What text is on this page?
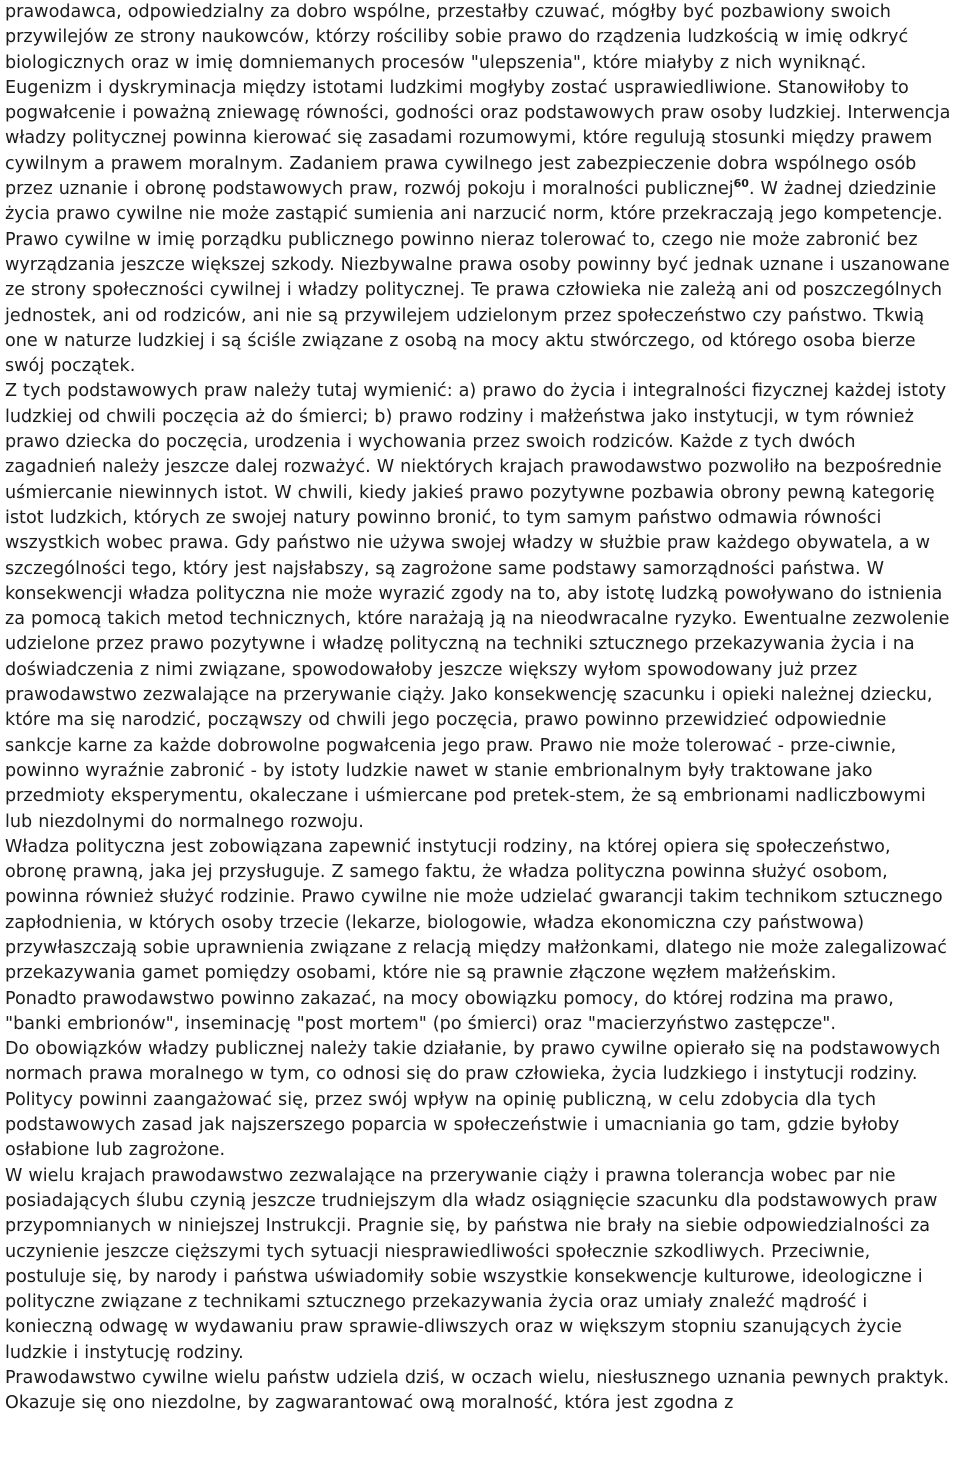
prawodawca, odpowiedzialny za dobro wspólne, przestałby czuwać, mógłby być pozbawiony swoich przywilejów ze strony naukowców, którzy rościliby sobie prawo do rządzenia ludzkością w imię odkryć biologicznych oraz w imię domniemanych procesów "ulepszenia", które miałyby z nich wyniknąć. Eugenizm i dyskryminacja między istotami ludzkimi mogłyby zostać usprawiedliwione. Stanowiłoby to pogwałcenie i poważną zniewagę równości, godności oraz podstawowych praw osoby ludzkiej. Interwencja władzy politycznej powinna kierować się zasadami rozumowymi, które regulują stosunki między prawem cywilnym a prawem moralnym. Zadaniem prawa cywilnego jest zabezpieczenie dobra wspólnego osób przez uznanie i obronę podstawowych praw, rozwój pokoju i moralności publicznej$^{60}$. W żadnej dziedzinie życia prawo cywilne nie może zastąpić sumienia ani narzucić norm, które przekraczają jego kompetencje. Prawo cywilne w imię porządku publicznego powinno nieraz tolerować to, czego nie może zabronić bez wyrządzania jeszcze większej szkody. Niezbywalne prawa osoby powinny być jednak uznane i uszanowane ze strony społeczności cywilnej i władzy politycznej. Te prawa człowieka nie zależą ani od poszczególnych jednostek, ani od rodziców, ani nie są przywilejem udzielonym przez społeczeństwo czy państwo. Tkwią one w naturze ludzkiej i są ściśle związane z osobą na mocy aktu stwórczego, od którego osoba bierze swój początek.

Z tych podstawowych praw należy tutaj wymienić: a) prawo do życia i integralności fizycznej każdej istoty ludzkiej od chwili poczęcia aż do śmierci; b) prawo rodziny i małżeństwa jako instytucji, w tym również prawo dziecka do poczęcia, urodzenia i wychowania przez swoich rodziców. Każde z tych dwóch zagadnień należy jeszcze dalej rozważyć. W niektórych krajach prawodawstwo pozwoliło na bezpośrednie uśmiercanie niewinnych istot. W chwili, kiedy jakieś prawo pozytywne pozbawia obrony pewną kategorię istot ludzkich, których ze swojej natury powinno bronić, to tym samym państwo odmawia równości wszystkich wobec prawa. Gdy państwo nie używa swojej władzy w służbie praw każdego obywatela, a w szczególności tego, który jest najsłabszy, są zagrożone same podstawy samorządności państwa. W konsekwencji władza polityczna nie może wyrazić zgody na to, aby istotę ludzką powoływano do istnienia za pomocą takich metod technicznych, które narażają ją na nieodwracalne ryzyko. Ewentualne zezwolenie udzielone przez prawo pozytywne i władzę polityczną na techniki sztucznego przekazywania życia i na doświadczenia z nimi związane, spowodowałoby jeszcze większy wyłom spowodowany już przez prawodawstwo zezwalające na przerywanie ciąży. Jako konsekwencję szacunku i opieki należnej dziecku, które ma się narodzić, począwszy od chwili jego poczęcia, prawo powinno przewidzieć odpowiednie sankcje karne za każde dobrowolne pogwałcenia jego praw. Prawo nie może tolerować - prze-ciwnie, powinno wyraźnie zabronić - by istoty ludzkie nawet w stanie embrionalnym były traktowane jako przedmioty eksperymentu, okaleczane i uśmiercane pod pretek-stem, że są embrionami nadliczbowymi lub niezdolnymi do normalnego rozwoju.

Władza polityczna jest zobowiązana zapewnić instytucji rodziny, na której opiera się społeczeństwo, obronę prawną, jaka jej przysługuje. Z samego faktu, że władza polityczna powinna służyć osobom, powinna również służyć rodzinie. Prawo cywilne nie może udzielać gwarancji takim technikom sztucznego zapłodnienia, w których osoby trzecie (lekarze, biologowie, władza ekonomiczna czy państwowa) przywłaszczają sobie uprawnienia związane z relacją między małżonkami, dlatego nie może zalegalizować przekazywania gamet pomiędzy osobami, które nie są prawnie złączone węzłem małżeńskim.

Ponadto prawodawstwo powinno zakazać, na mocy obowiązku pomocy, do której rodzina ma prawo, "banki embrionów", inseminację "post mortem" (po śmierci) oraz "macierzyństwo zastępcze".

Do obowiązków władzy publicznej należy takie działanie, by prawo cywilne opierało się na podstawowych normach prawa moralnego w tym, co odnosi się do praw człowieka, życia ludzkiego i instytucji rodziny. Politycy powinni zaangażować się, przez swój wpływ na opinię publiczną, w celu zdobycia dla tych podstawowych zasad jak najszerszego poparcia w społeczeństwie i umacniania go tam, gdzie byłoby osłabione lub zagrożone.

W wielu krajach prawodawstwo zezwalające na przerywanie ciąży i prawna tolerancja wobec par nie posiadających ślubu czynią jeszcze trudniejszym dla władz osiągnięcie szacunku dla podstawowych praw przypomnianych w niniejszej Instrukcji. Pragnie się, by państwa nie brały na siebie odpowiedzialności za uczynienie jeszcze cięższymi tych sytuacji niesprawiedliwości społecznie szkodliwych. Przeciwnie, postuluje się, by narody i państwa uświadomiły sobie wszystkie konsekwencje kulturowe, ideologiczne i polityczne związane z technikami sztucznego przekazywania życia oraz umiały znaleźć mądrość i konieczną odwagę w wydawaniu praw sprawie-dliwszych oraz w większym stopniu szanujących życie ludzkie i instytucję rodziny.

Prawodawstwo cywilne wielu państw udziela dziś, w oczach wielu, niesłusznego uznania pewnych praktyk. Okazuje się ono niezdolne, by zagwarantować ową moralność, która jest zgodna z
